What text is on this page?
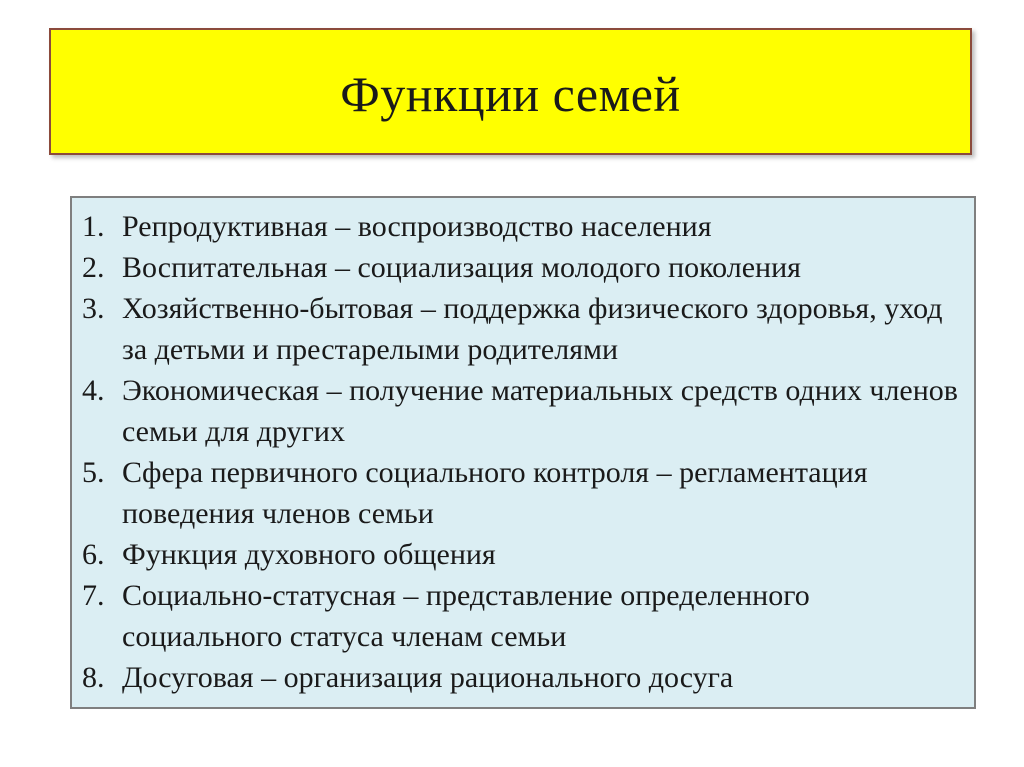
Функции семей
1. Репродуктивная – воспроизводство населения
2. Воспитательная – социализация молодого поколения
3. Хозяйственно-бытовая – поддержка физического здоровья, уход за детьми и престарелыми родителями
4. Экономическая – получение материальных средств одних членов семьи для других
5. Сфера первичного социального контроля – регламентация поведения членов семьи
6. Функция духовного общения
7. Социально-статусная – представление определенного социального статуса членам семьи
8. Досуговая – организация рационального досуга
